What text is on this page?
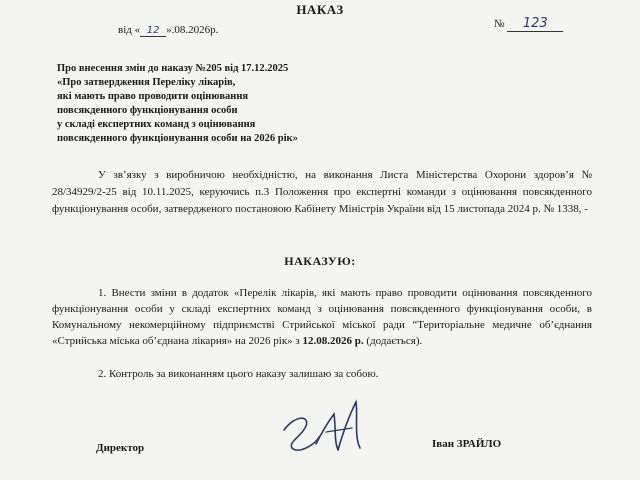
НАКАЗ
від « 12 ».08.2026р.	№ 123
Про внесення змін до наказу №205 від 17.12.2025
«Про затвердження Переліку лікарів,
які мають право проводити оцінювання
повсякденного функціонування особи
у складі експертних команд з оцінювання
повсякденного функціонування особи на 2026 рік»
У зв’язку з виробничою необхідністю, на виконання Листа Міністерства Охорони здоров’я № 28/34929/2-25 від 10.11.2025, керуючись п.3 Положення про експертні команди з оцінювання повсякденного функціонування особи, затвердженого постановою Кабінету Міністрів України від 15 листопада 2024 р. № 1338, -
НАКАЗУЮ:
1. Внести зміни в додаток «Перелік лікарів, які мають право проводити оцінювання повсякденного функціонування особи у складі експертних команд з оцінювання повсякденного функціонування особи, в Комунальному некомерційному підприємстві Стрийської міської ради “Територіальне медичне об’єднання «Стрийська міська об’єднана лікарня» на 2026 рік» з 12.08.2026 р. (додається).
2. Контроль за виконанням цього наказу залишаю за собою.
Директор	Іван ЗРАЙЛО
